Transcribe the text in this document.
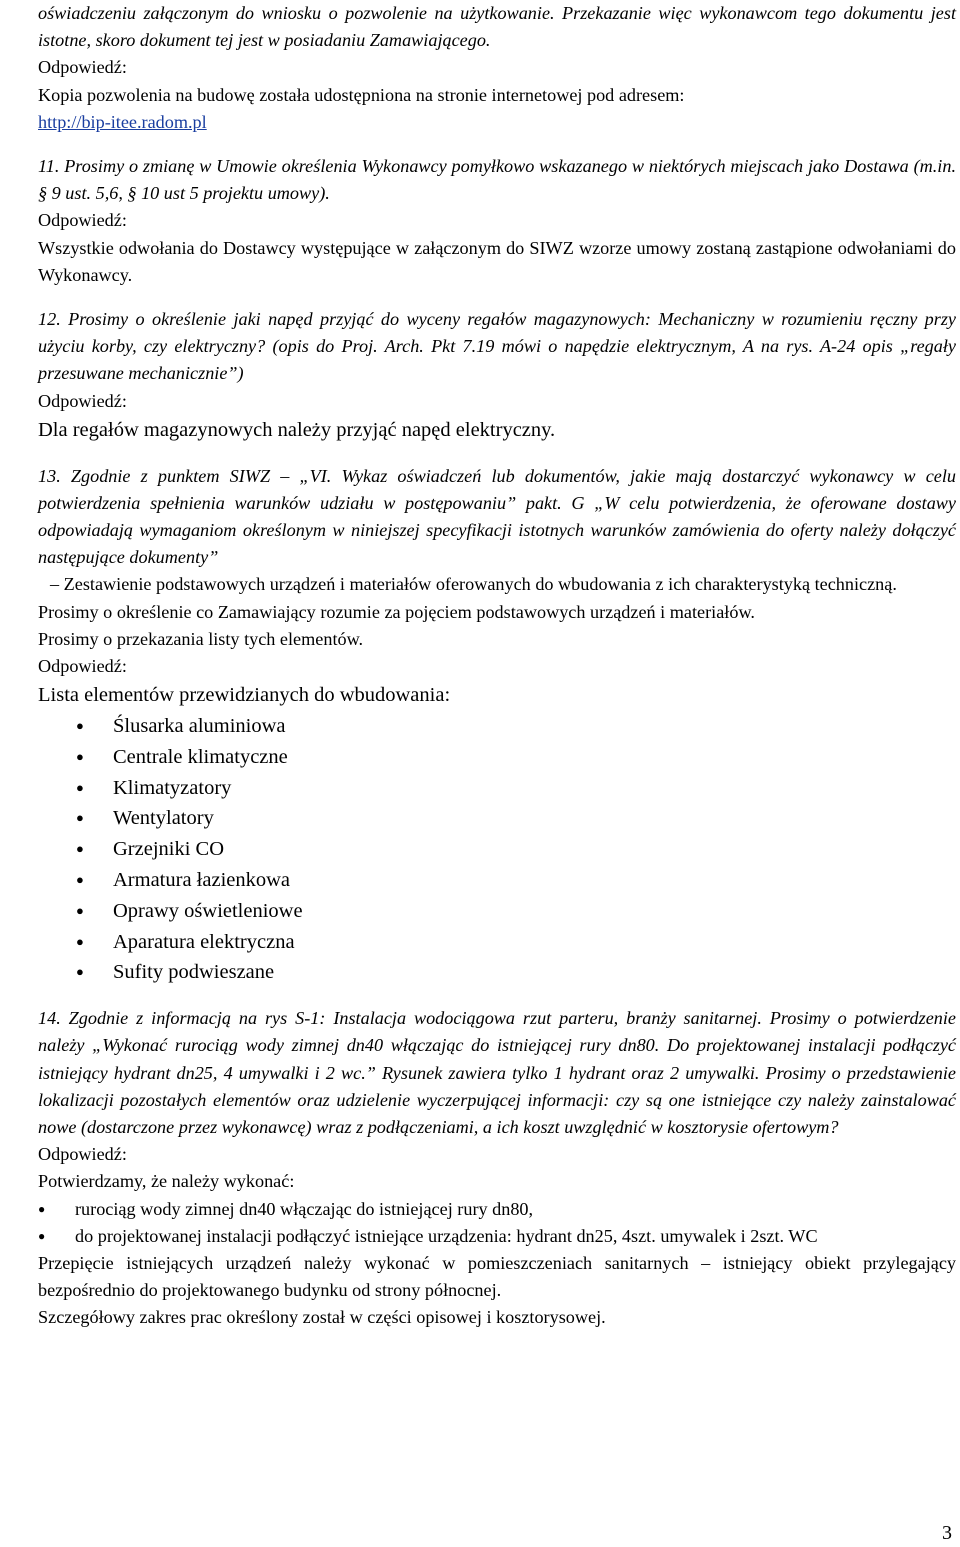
oświadczeniu załączonym do wniosku o pozwolenie na użytkowanie. Przekazanie więc wykonawcom tego dokumentu jest istotne, skoro dokument tej jest w posiadaniu Zamawiającego.

Odpowiedź:

Kopia pozwolenia na budowę została udostępniona na stronie internetowej pod adresem:

http://bip-itee.radom.pl

11. Prosimy o zmianę w Umowie określenia Wykonawcy pomyłkowo wskazanego w niektórych miejscach jako Dostawa (m.in. § 9 ust. 5,6, § 10 ust 5 projektu umowy).

Odpowiedź:

Wszystkie odwołania do Dostawcy występujące w załączonym do SIWZ wzorze umowy zostaną zastąpione odwołaniami do Wykonawcy.

12. Prosimy o określenie jaki napęd przyjąć do wyceny regałów magazynowych: Mechaniczny w rozumieniu ręczny przy użyciu korby, czy elektryczny? (opis do Proj. Arch. Pkt 7.19 mówi o napędzie elektrycznym, A na rys. A-24 opis „regały przesuwane mechanicznie”)

Odpowiedź:

Dla regałów magazynowych należy przyjąć napęd elektryczny.

13. Zgodnie z punktem SIWZ – „VI. Wykaz oświadczeń lub dokumentów, jakie mają dostarczyć wykonawcy w celu potwierdzenia spełnienia warunków udziału w postępowaniu” pakt. G „W celu potwierdzenia, że oferowane dostawy odpowiadają wymaganiom określonym w niniejszej specyfikacji istotnych warunków zamówienia do oferty należy dołączyć następujące dokumenty”

– Zestawienie podstawowych urządzeń i materiałów oferowanych do wbudowania z ich charakterystyką techniczną.

Prosimy o określenie co Zamawiający rozumie za pojęciem podstawowych urządzeń i materiałów.

Prosimy o przekazania listy tych elementów.

Odpowiedź:

Lista elementów przewidzianych do wbudowania:

● Ślusarka aluminiowa
● Centrale klimatyczne
● Klimatyzatory
● Wentylatory
● Grzejniki CO
● Armatura łazienkowa
● Oprawy oświetleniowe
● Aparatura elektryczna
● Sufity podwieszane

14. Zgodnie z informacją na rys S-1: Instalacja wodociągowa rzut parteru, branży sanitarnej. Prosimy o potwierdzenie należy „Wykonać rurociąg wody zimnej dn40 włączając do istniejącej rury dn80. Do projektowanej instalacji podłączyć istniejący hydrant dn25, 4 umywalki i 2 wc.” Rysunek zawiera tylko 1 hydrant oraz 2 umywalki. Prosimy o przedstawienie lokalizacji pozostałych elementów oraz udzielenie wyczerpującej informacji: czy są one istniejące czy należy zainstalować nowe (dostarczone przez wykonawcę) wraz z podłączeniami, a ich koszt uwzględnić w kosztorysie ofertowym?

Odpowiedź:

Potwierdzamy, że należy wykonać:

● rurociąg wody zimnej dn40 włączając do istniejącej rury dn80,
● do projektowanej instalacji podłączyć istniejące urządzenia: hydrant dn25, 4szt. umywalek i 2szt. WC

Przepięcie istniejących urządzeń należy wykonać w pomieszczeniach sanitarnych – istniejący obiekt przylegający bezpośrednio do projektowanego budynku od strony północnej.

Szczegółowy zakres prac określony został w części opisowej i kosztorysowej.

3
